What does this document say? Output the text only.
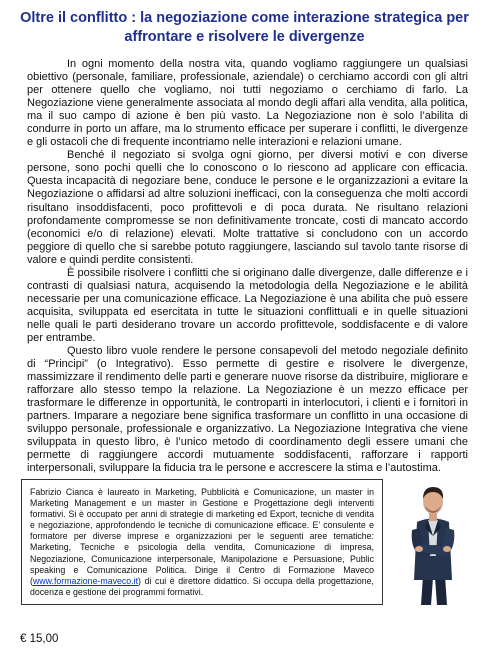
Oltre il conflitto : la negoziazione come interazione strategica per affrontare e risolvere le divergenze

In ogni momento della nostra vita, quando vogliamo raggiungere un qualsiasi obiettivo (personale, familiare, professionale, aziendale) o cerchiamo accordi con gli altri per ottenere quello che vogliamo, noi tutti negoziamo o cerchiamo di farlo. La Negoziazione viene generalmente associata al mondo degli affari alla vendita, alla politica, ma il suo campo di azione è ben più vasto. La Negoziazione non è solo l’abilita di condurre in porto un affare, ma lo strumento efficace per superare i conflitti, le divergenze e gli ostacoli che di frequente incontriamo nelle interazioni e relazioni umane.

Benché il negoziato si svolga ogni giorno, per diversi motivi e con diverse persone, sono pochi quelli che lo conoscono o lo riescono ad applicare con efficacia. Questa incapacità di negoziare bene, conduce le persone e le organizzazioni a evitare la Negoziazione o affidarsi ad altre soluzioni inefficaci, con la conseguenza che molti accordi risultano insoddisfacenti, poco profittevoli e di poca durata. Ne risultano relazioni profondamente compromesse se non definitivamente troncate, costi di mancato accordo (economici e/o di relazione) elevati. Molte trattative si concludono con un accordo peggiore di quello che si sarebbe potuto raggiungere, lasciando sul tavolo tante risorse di valore e quindi perdite consistenti.

È possibile risolvere i conflitti che si originano dalle divergenze, dalle differenze e i contrasti di qualsiasi natura, acquisendo la metodologia della Negoziazione e le abilità necessarie per una comunicazione efficace. La Negoziazione è una abilita che può essere acquisita, sviluppata ed esercitata in tutte le situazioni conflittuali e in quelle situazioni nelle quali le parti desiderano trovare un accordo profittevole, soddisfacente e di valore per entrambe.

Questo libro vuole rendere le persone consapevoli del metodo negoziale definito di “Principi” (o Integrativo). Esso permette di gestire e risolvere le divergenze, massimizzare il rendimento delle parti e generare nuove risorse da distribuire, migliorare e rafforzare allo stesso tempo la relazione. La Negoziazione è un mezzo efficace per trasformare le differenze in opportunità, le controparti in interlocutori, i clienti e i fornitori in partners. Imparare a negoziare bene significa trasformare un conflitto in una occasione di sviluppo personale, professionale e organizzativo. La Negoziazione Integrativa che viene sviluppata in questo libro, è l’unico metodo di coordinamento degli essere umani che permette di raggiungere accordi mutuamente soddisfacenti, rafforzare i rapporti interpersonali, sviluppare la fiducia tra le persone e accrescere la stima e l’autostima.

Fabrizio Cianca è laureato in Marketing, Pubblicità e Comunicazione, un master in Marketing Management e un master in Gestione e Progettazione degli interventi formativi. Si è occupato per anni di strategie di marketing ed Export, tecniche di vendita e negoziazione, approfondendo le tecniche di comunicazione efficace. E’ consulente e formatore per diverse imprese e organizzazioni per le seguenti aree tematiche: Marketing, Tecniche e psicologia della vendita, Comunicazione di impresa, Negoziazione, Comunicazione interpersonale, Manipolazione e Persuasione, Public speaking e Comunicazione Politica. Dirige il Centro di Formazione Maveco (www.formazione-maveco.it) di cui è direttore didattico. Si occupa della progettazione, docenza e gestione dei programmi formativi.

€ 15,00
